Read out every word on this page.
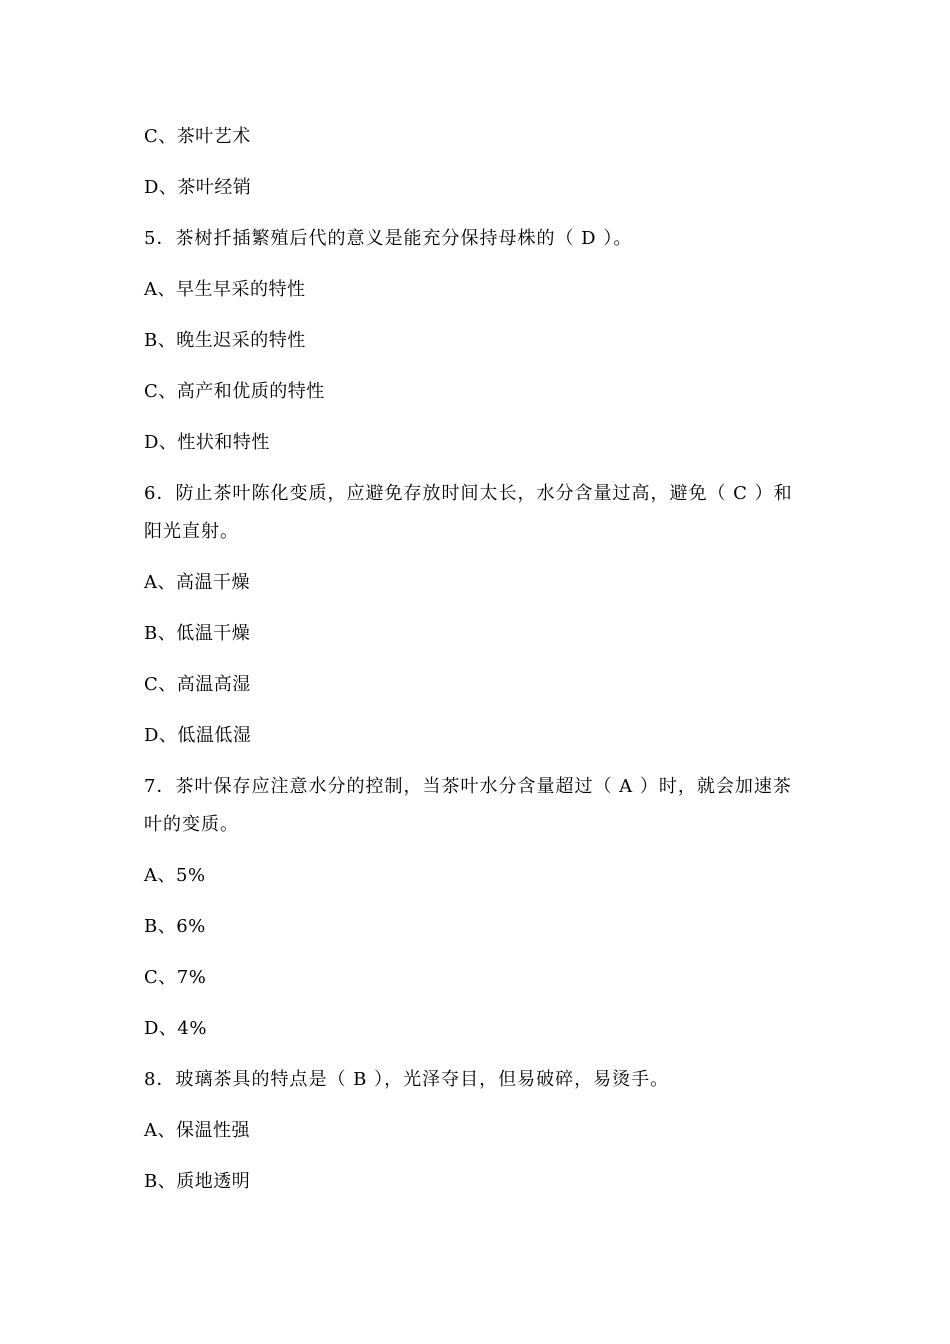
C、茶叶艺术
D、茶叶经销
5．茶树扦插繁殖后代的意义是能充分保持母株的（ D ）。
A、早生早采的特性
B、晚生迟采的特性
C、高产和优质的特性
D、性状和特性
6．防止茶叶陈化变质，应避免存放时间太长，水分含量过高，避免（ C ）和
阳光直射。
A、高温干燥
B、低温干燥
C、高温高湿
D、低温低湿
7．茶叶保存应注意水分的控制，当茶叶水分含量超过（ A ）时，就会加速茶
叶的变质。
A、5%
B、6%
C、7%
D、4%
8．玻璃茶具的特点是（ B ），光泽夺目，但易破碎，易烫手。
A、保温性强
B、质地透明
